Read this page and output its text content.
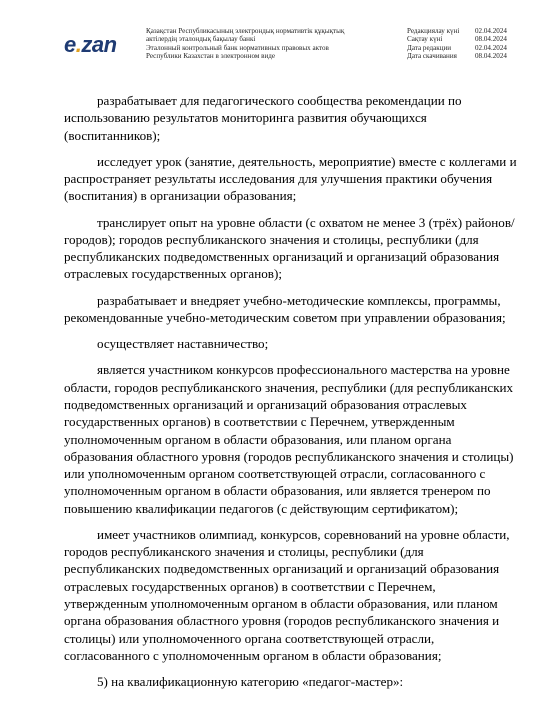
e.zan
Қазақстан Республикасының электрондық нормативтік құқықтық
актілердің эталондық бақылау банкі
Эталонный контрольный банк нормативных правовых актов
Республики Казахстан в электронном виде
Редакциялау күні	02.04.2024
Сақтау күні	08.04.2024
Дата редакции	02.04.2024
Дата скачивания	08.04.2024

разрабатывает для педагогического сообщества рекомендации по использованию результатов мониторинга развития обучающихся (воспитанников);

исследует урок (занятие, деятельность, мероприятие) вместе с коллегами и распространяет результаты исследования для улучшения практики обучения (воспитания) в организации образования;

транслирует опыт на уровне области (с охватом не менее 3 (трёх) районов/ городов); городов республиканского значения и столицы, республики (для республиканских подведомственных организаций и организаций образования отраслевых государственных органов);

разрабатывает и внедряет учебно-методические комплексы, программы, рекомендованные учебно-методическим советом при управлении образования;

осуществляет наставничество;

является участником конкурсов профессионального мастерства на уровне области, городов республиканского значения, республики (для республиканских подведомственных организаций и организаций образования отраслевых государственных органов) в соответствии с Перечнем, утвержденным уполномоченным органом в области образования, или планом органа образования областного уровня (городов республиканского значения и столицы) или уполномоченным органом соответствующей отрасли, согласованного с уполномоченным органом в области образования, или является тренером по повышению квалификации педагогов (с действующим сертификатом);

имеет участников олимпиад, конкурсов, соревнований на уровне области, городов республиканского значения и столицы, республики (для республиканских подведомственных организаций и организаций образования отраслевых государственных органов) в соответствии с Перечнем, утвержденным уполномоченным органом в области образования, или планом органа образования областного уровня (городов республиканского значения и столицы) или уполномоченного органа соответствующей отрасли, согласованного с уполномоченным органом в области образования;

5) на квалификационную категорию «педагог-мастер»:
